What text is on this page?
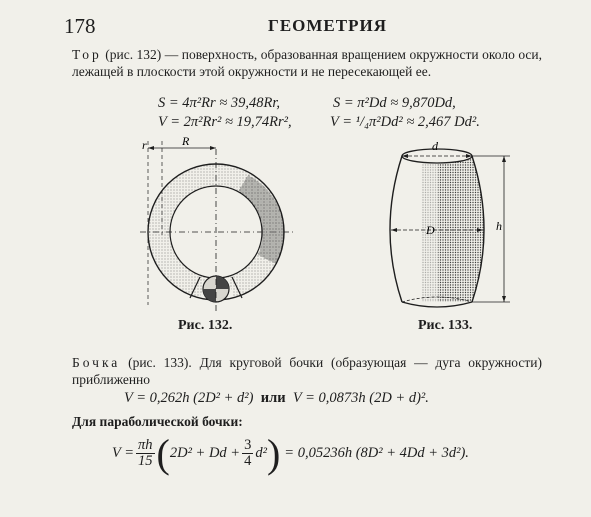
178	ГЕОМЕТРИЯ
Тор (рис. 132) — поверхность, образованная вращением окружности около оси, лежащей в плоскости этой окружности и не пересекающей ее.
S = 4π²Rr ≈ 39,48Rr,	S = π²Dd ≈ 9,870Dd,
V = 2π²Rr² ≈ 19,74Rr²,	V = ¹/₄π²Dd² ≈ 2,467 Dd².
r	R
Рис. 132.
d
D	h
Рис. 133.
Бочка (рис. 133). Для круговой бочки (образующая — дуга окружности) приближенно
V = 0,262h (2D² + d²) или V = 0,0873h (2D + d)².
Для параболической бочки:
$V = \frac{\pi h}{15}$ ( $2D^2 + Dd + \frac{3}{4} d^2$ ) = 0,05236h (8D² + 4Dd + 3d²).
